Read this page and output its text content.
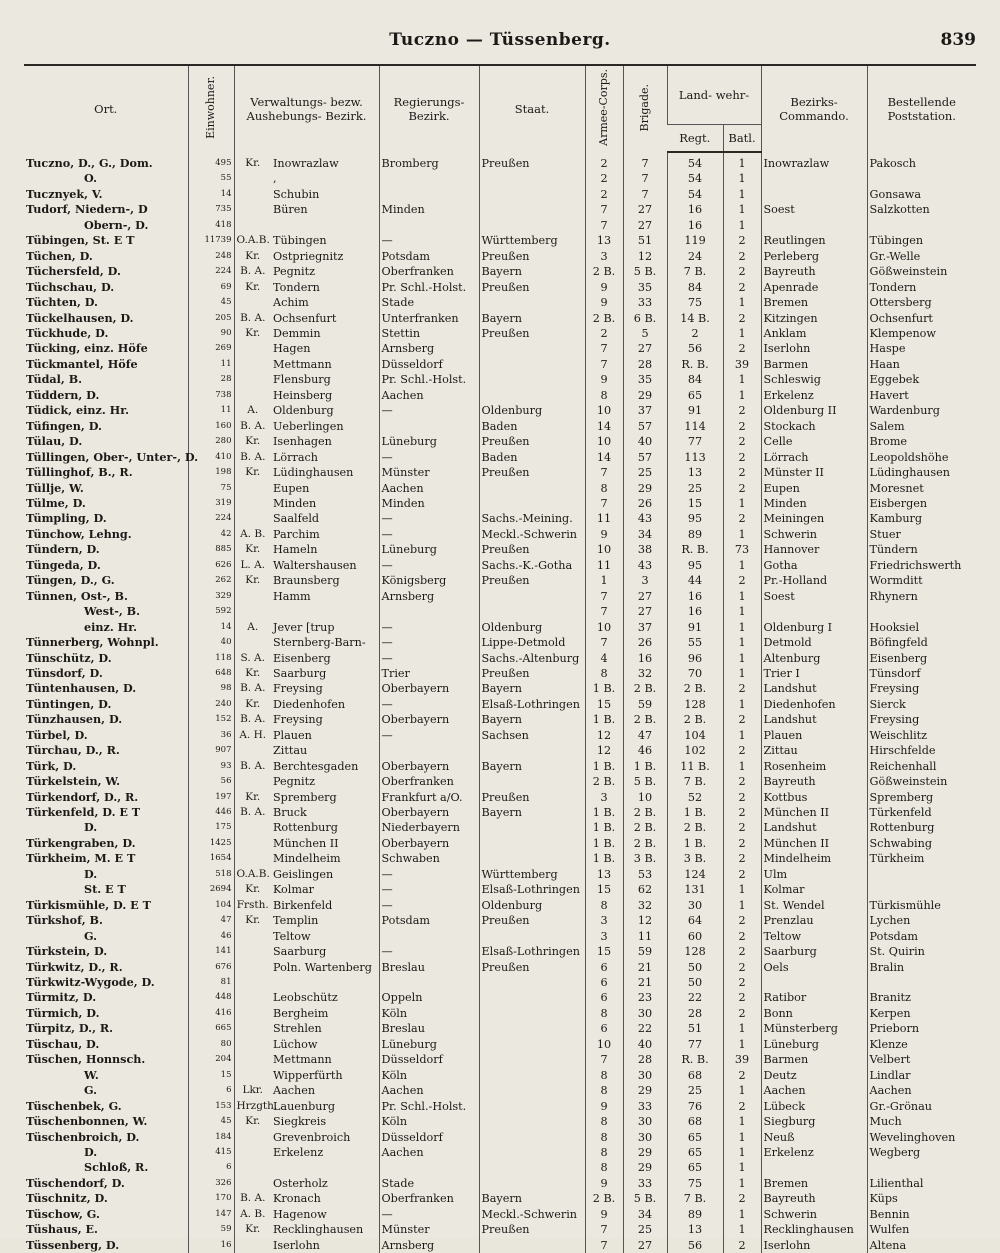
Tuczno — Tüssenberg.	839
Ort.	Einwohner.	Verwaltungs- bezw. Aushebungs- Bezirk.		Regierungs- Bezirk.	Staat.	Armee-Corps.	Brigade.	Land- wehr-		Bezirks- Commando.	Bestellende Poststation.
								Regt.	Batl.		
Tuczno, D., G., Dom.	495	Kr.	Inowrazlaw	Bromberg	Preußen	2	7	54	1	Inowrazlaw	Pakosch
O.	55		,			2	7	54	1		
Tucznyek, V.	14		Schubin			2	7	54	1		Gonsawa
Tudorf, Niedern-, D	735		Büren	Minden		7	27	16	1	Soest	Salzkotten
Obern-, D.	418					7	27	16	1		
Tübingen, St. E T	11739	O.A.B.	Tübingen	—	Württemberg	13	51	119	2	Reutlingen	Tübingen
Tüchen, D.	248	Kr.	Ostpriegnitz	Potsdam	Preußen	3	12	24	2	Perleberg	Gr.-Welle
Tüchersfeld, D.	224	B. A.	Pegnitz	Oberfranken	Bayern	2 B.	5 B.	7 B.	2	Bayreuth	Gößweinstein
Tüchschau, D.	69	Kr.	Tondern	Pr. Schl.-Holst.	Preußen	9	35	84	2	Apenrade	Tondern
Tüchten, D.	45		Achim	Stade		9	33	75	1	Bremen	Ottersberg
Tückelhausen, D.	205	B. A.	Ochsenfurt	Unterfranken	Bayern	2 B.	6 B.	14 B.	2	Kitzingen	Ochsenfurt
Tückhude, D.	90	Kr.	Demmin	Stettin	Preußen	2	5	2	1	Anklam	Klempenow
Tücking, einz. Höfe	269		Hagen	Arnsberg		7	27	56	2	Iserlohn	Haspe
Tückmantel, Höfe	11		Mettmann	Düsseldorf		7	28	R. B.	39	Barmen	Haan
Tüdal, B.	28		Flensburg	Pr. Schl.-Holst.		9	35	84	1	Schleswig	Eggebek
Tüddern, D.	738		Heinsberg	Aachen		8	29	65	1	Erkelenz	Havert
Tüdick, einz. Hr.	11	A.	Oldenburg	—	Oldenburg	10	37	91	2	Oldenburg II	Wardenburg
Tüfingen, D.	160	B. A.	Ueberlingen		Baden	14	57	114	2	Stockach	Salem
Tülau, D.	280	Kr.	Isenhagen	Lüneburg	Preußen	10	40	77	2	Celle	Brome
Tüllingen, Ober-, Unter-, D.	410	B. A.	Lörrach	—	Baden	14	57	113	2	Lörrach	Leopoldshöhe
Tüllinghof, B., R.	198	Kr.	Lüdinghausen	Münster	Preußen	7	25	13	2	Münster II	Lüdinghausen
Tüllje, W.	75		Eupen	Aachen		8	29	25	2	Eupen	Moresnet
Tülme, D.	319		Minden	Minden		7	26	15	1	Minden	Eisbergen
Tümpling, D.	224		Saalfeld	—	Sachs.-Meining.	11	43	95	2	Meiningen	Kamburg
Tünchow, Lehng.	42	A. B.	Parchim	—	Meckl.-Schwerin	9	34	89	1	Schwerin	Stuer
Tündern, D.	885	Kr.	Hameln	Lüneburg	Preußen	10	38	R. B.	73	Hannover	Tündern
Tüngeda, D.	626	L. A.	Waltershausen	—	Sachs.-K.-Gotha	11	43	95	1	Gotha	Friedrichswerth
Tüngen, D., G.	262	Kr.	Braunsberg	Königsberg	Preußen	1	3	44	2	Pr.-Holland	Wormditt
Tünnen, Ost-, B.	329		Hamm	Arnsberg		7	27	16	1	Soest	Rhynern
West-, B.	592					7	27	16	1		
einz. Hr.	14	A.	Jever [trup	—	Oldenburg	10	37	91	1	Oldenburg I	Hooksiel
Tünnerberg, Wohnpl.	40		Sternberg-Barn-	—	Lippe-Detmold	7	26	55	1	Detmold	Böfingfeld
Tünschütz, D.	118	S. A.	Eisenberg	—	Sachs.-Altenburg	4	16	96	1	Altenburg	Eisenberg
Tünsdorf, D.	648	Kr.	Saarburg	Trier	Preußen	8	32	70	1	Trier I	Tünsdorf
Tüntenhausen, D.	98	B. A.	Freysing	Oberbayern	Bayern	1 B.	2 B.	2 B.	2	Landshut	Freysing
Tüntingen, D.	240	Kr.	Diedenhofen	—	Elsaß-Lothringen	15	59	128	1	Diedenhofen	Sierck
Tünzhausen, D.	152	B. A.	Freysing	Oberbayern	Bayern	1 B.	2 B.	2 B.	2	Landshut	Freysing
Türbel, D.	36	A. H.	Plauen	—	Sachsen	12	47	104	1	Plauen	Weischlitz
Türchau, D., R.	907		Zittau			12	46	102	2	Zittau	Hirschfelde
Türk, D.	93	B. A.	Berchtesgaden	Oberbayern	Bayern	1 B.	1 B.	11 B.	1	Rosenheim	Reichenhall
Türkelstein, W.	56		Pegnitz	Oberfranken		2 B.	5 B.	7 B.	2	Bayreuth	Gößweinstein
Türkendorf, D., R.	197	Kr.	Spremberg	Frankfurt a/O.	Preußen	3	10	52	2	Kottbus	Spremberg
Türkenfeld, D. E T	446	B. A.	Bruck	Oberbayern	Bayern	1 B.	2 B.	1 B.	2	München II	Türkenfeld
D.	175		Rottenburg	Niederbayern		1 B.	2 B.	2 B.	2	Landshut	Rottenburg
Türkengraben, D.	1425		München II	Oberbayern		1 B.	2 B.	1 B.	2	München II	Schwabing
Türkheim, M. E T	1654		Mindelheim	Schwaben		1 B.	3 B.	3 B.	2	Mindelheim	Türkheim
D.	518	O.A.B.	Geislingen	—	Württemberg	13	53	124	2	Ulm	
St. E T	2694	Kr.	Kolmar	—	Elsaß-Lothringen	15	62	131	1	Kolmar	
Türkismühle, D. E T	104	Frsth.	Birkenfeld	—	Oldenburg	8	32	30	1	St. Wendel	Türkismühle
Türkshof, B.	47	Kr.	Templin	Potsdam	Preußen	3	12	64	2	Prenzlau	Lychen
G.	46		Teltow			3	11	60	2	Teltow	Potsdam
Türkstein, D.	141		Saarburg	—	Elsaß-Lothringen	15	59	128	2	Saarburg	St. Quirin
Türkwitz, D., R.	676		Poln. Wartenberg	Breslau	Preußen	6	21	50	2	Oels	Bralin
Türkwitz-Wygode, D.	81					6	21	50	2		
Türmitz, D.	448		Leobschütz	Oppeln		6	23	22	2	Ratibor	Branitz
Türmich, D.	416		Bergheim	Köln		8	30	28	2	Bonn	Kerpen
Türpitz, D., R.	665		Strehlen	Breslau		6	22	51	1	Münsterberg	Prieborn
Tüschau, D.	80		Lüchow	Lüneburg		10	40	77	1	Lüneburg	Klenze
Tüschen, Honnsch.	204		Mettmann	Düsseldorf		7	28	R. B.	39	Barmen	Velbert
W.	15		Wipperfürth	Köln		8	30	68	2	Deutz	Lindlar
G.	6	Lkr.	Aachen	Aachen		8	29	25	1	Aachen	Aachen
Tüschenbek, G.	153	Hrzgth.	Lauenburg	Pr. Schl.-Holst.		9	33	76	2	Lübeck	Gr.-Grönau
Tüschenbonnen, W.	45	Kr.	Siegkreis	Köln		8	30	68	1	Siegburg	Much
Tüschenbroich, D.	184		Grevenbroich	Düsseldorf		8	30	65	1	Neuß	Wevelinghoven
D.	415		Erkelenz	Aachen		8	29	65	1	Erkelenz	Wegberg
Schloß, R.	6					8	29	65	1		
Tüschendorf, D.	326		Osterholz	Stade		9	33	75	1	Bremen	Lilienthal
Tüschnitz, D.	170	B. A.	Kronach	Oberfranken	Bayern	2 B.	5 B.	7 B.	2	Bayreuth	Küps
Tüschow, G.	147	A. B.	Hagenow	—	Meckl.-Schwerin	9	34	89	1	Schwerin	Bennin
Tüshaus, E.	59	Kr.	Recklinghausen	Münster	Preußen	7	25	13	1	Recklinghausen	Wulfen
Tüssenberg, D.	16		Iserlohn	Arnsberg		7	27	56	2	Iserlohn	Altena
